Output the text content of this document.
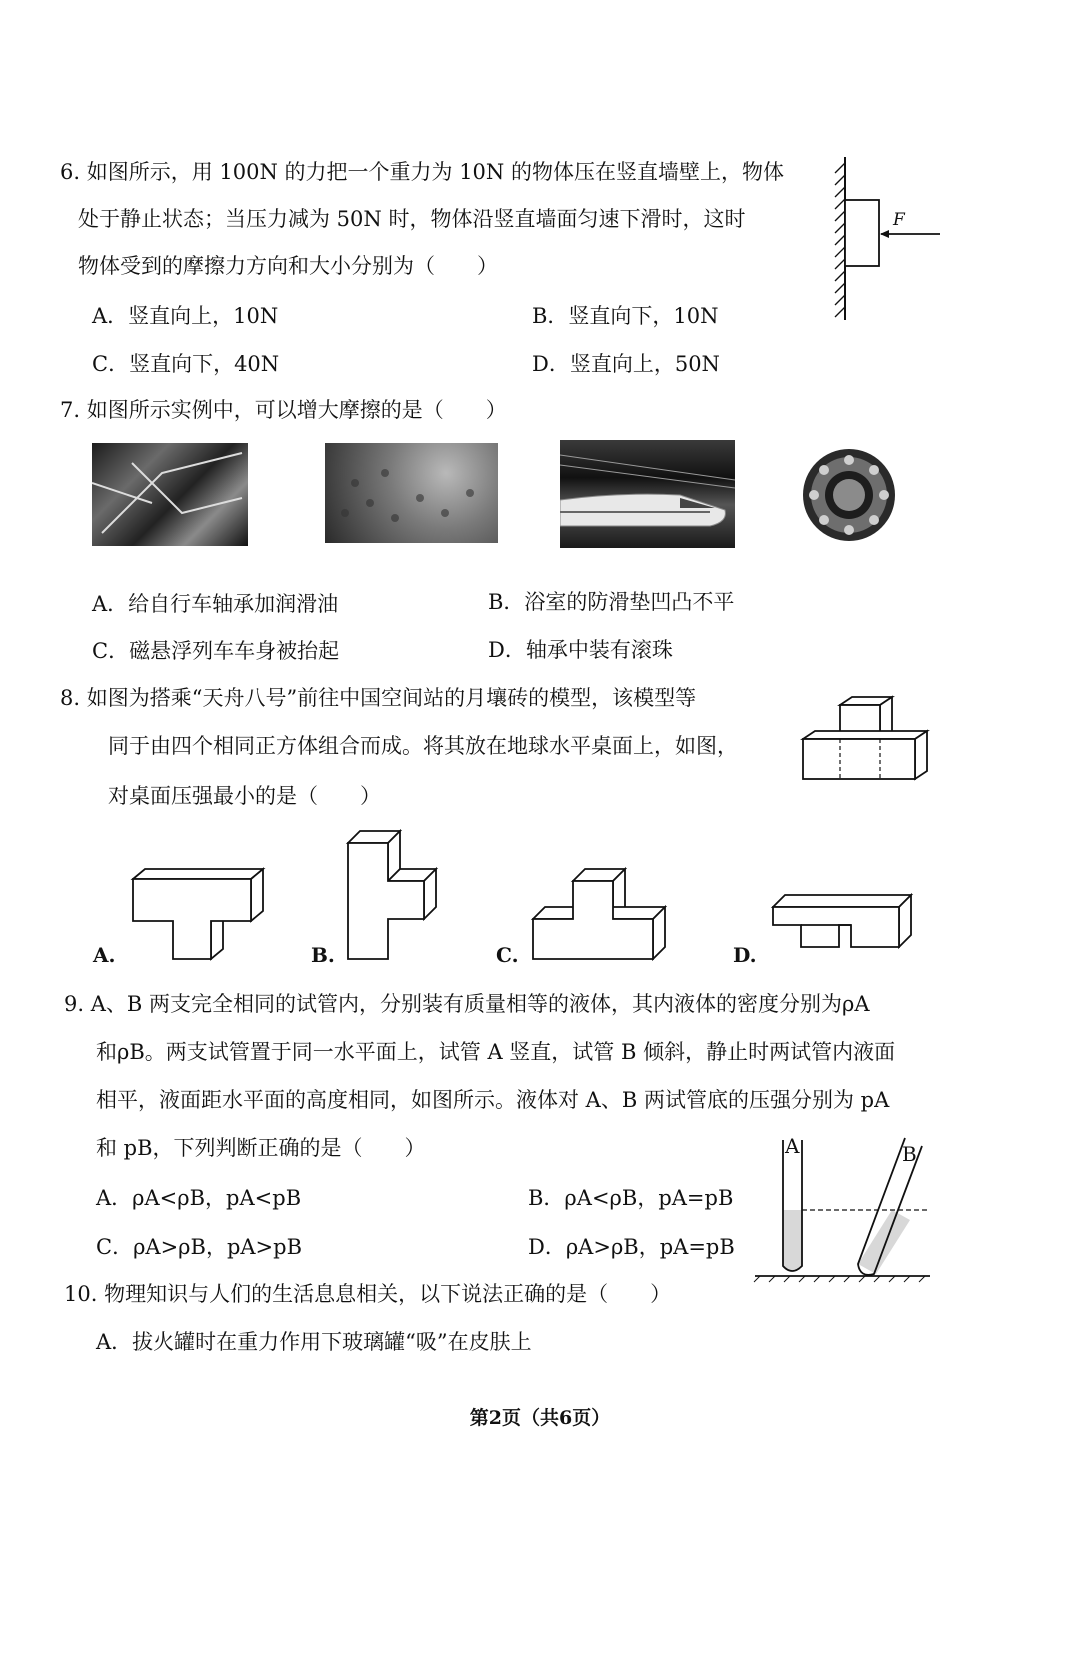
6. 如图所示，用 100N 的力把一个重力为 10N 的物体压在竖直墙壁上，物体
处于静止状态；当压力减为 50N 时，物体沿竖直墙面匀速下滑时，这时
物体受到的摩擦力方向和大小分别为（　　）
A．竖直向上，10N	B．竖直向下，10N
C．竖直向下，40N	D．竖直向上，50N
F
7. 如图所示实例中，可以增大摩擦的是（　　）
A．给自行车轴承加润滑油	B．浴室的防滑垫凹凸不平
C．磁悬浮列车车身被抬起	D．轴承中装有滚珠
8. 如图为搭乘“天舟八号”前往中国空间站的月壤砖的模型，该模型等
同于由四个相同正方体组合而成。将其放在地球水平桌面上，如图，
对桌面压强最小的是（　　）
A.	B.	C.	D.
9. A、B 两支完全相同的试管内，分别装有质量相等的液体，其内液体的密度分别为ρA
和ρB。两支试管置于同一水平面上，试管 A 竖直，试管 B 倾斜，静止时两试管内液面
相平，液面距水平面的高度相同，如图所示。液体对 A、B 两试管底的压强分别为 pA
和 pB，下列判断正确的是（　　）
A．ρA<ρB，pA<pB	B．ρA<ρB，pA=pB
C．ρA>ρB，pA>pB	D．ρA>ρB，pA=pB
A	B
10. 物理知识与人们的生活息息相关，以下说法正确的是（　　）
A．拔火罐时在重力作用下玻璃罐“吸”在皮肤上
第2页（共6页）
